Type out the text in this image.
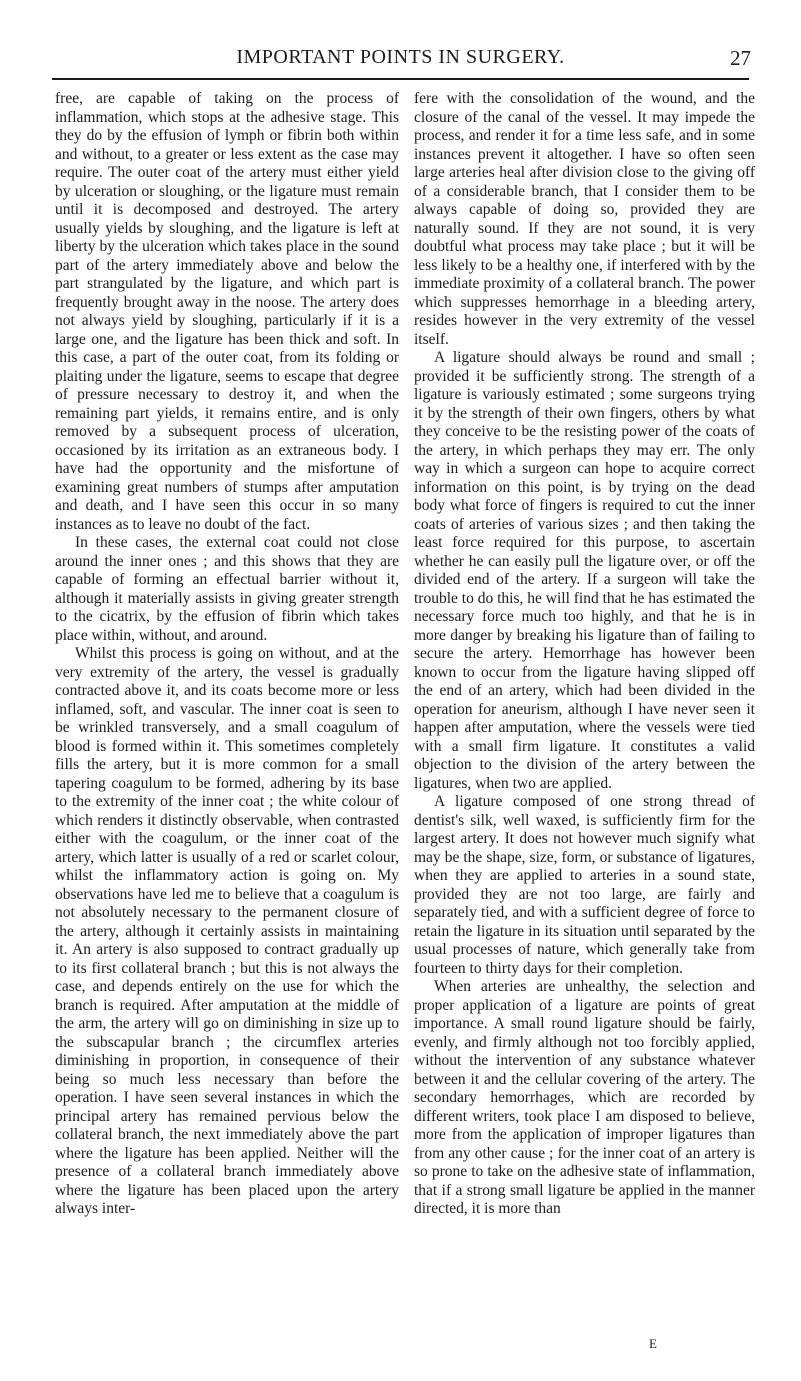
IMPORTANT POINTS IN SURGERY.	27

free, are capable of taking on the process of inflammation, which stops at the adhesive stage. This they do by the effusion of lymph or fibrin both within and without, to a greater or less extent as the case may require. The outer coat of the artery must either yield by ulceration or sloughing, or the ligature must remain until it is decomposed and destroyed. The artery usually yields by sloughing, and the ligature is left at liberty by the ulceration which takes place in the sound part of the artery immediately above and below the part strangulated by the ligature, and which part is frequently brought away in the noose. The artery does not always yield by sloughing, particularly if it is a large one, and the ligature has been thick and soft. In this case, a part of the outer coat, from its folding or plaiting under the ligature, seems to escape that degree of pressure necessary to destroy it, and when the remaining part yields, it remains entire, and is only removed by a subsequent process of ulceration, occasioned by its irritation as an extraneous body. I have had the opportunity and the misfortune of examining great numbers of stumps after amputation and death, and I have seen this occur in so many instances as to leave no doubt of the fact.

In these cases, the external coat could not close around the inner ones ; and this shows that they are capable of forming an effectual barrier without it, although it materially assists in giving greater strength to the cicatrix, by the effusion of fibrin which takes place within, without, and around.

Whilst this process is going on without, and at the very extremity of the artery, the vessel is gradually contracted above it, and its coats become more or less inflamed, soft, and vascular. The inner coat is seen to be wrinkled transversely, and a small coagulum of blood is formed within it. This sometimes completely fills the artery, but it is more common for a small tapering coagulum to be formed, adhering by its base to the extremity of the inner coat ; the white colour of which renders it distinctly observable, when contrasted either with the coagulum, or the inner coat of the artery, which latter is usually of a red or scarlet colour, whilst the inflammatory action is going on. My observations have led me to believe that a coagulum is not absolutely necessary to the permanent closure of the artery, although it certainly assists in maintaining it. An artery is also supposed to contract gradually up to its first collateral branch ; but this is not always the case, and depends entirely on the use for which the branch is required. After amputation at the middle of the arm, the artery will go on diminishing in size up to the subscapular branch ; the circumflex arteries diminishing in proportion, in consequence of their being so much less necessary than before the operation. I have seen several instances in which the principal artery has remained pervious below the collateral branch, the next immediately above the part where the ligature has been applied. Neither will the presence of a collateral branch immediately above where the ligature has been placed upon the artery always inter-

fere with the consolidation of the wound, and the closure of the canal of the vessel. It may impede the process, and render it for a time less safe, and in some instances prevent it altogether. I have so often seen large arteries heal after division close to the giving off of a considerable branch, that I consider them to be always capable of doing so, provided they are naturally sound. If they are not sound, it is very doubtful what process may take place ; but it will be less likely to be a healthy one, if interfered with by the immediate proximity of a collateral branch. The power which suppresses hemorrhage in a bleeding artery, resides however in the very extremity of the vessel itself.

A ligature should always be round and small ; provided it be sufficiently strong. The strength of a ligature is variously estimated ; some surgeons trying it by the strength of their own fingers, others by what they conceive to be the resisting power of the coats of the artery, in which perhaps they may err. The only way in which a surgeon can hope to acquire correct information on this point, is by trying on the dead body what force of fingers is required to cut the inner coats of arteries of various sizes ; and then taking the least force required for this purpose, to ascertain whether he can easily pull the ligature over, or off the divided end of the artery. If a surgeon will take the trouble to do this, he will find that he has estimated the necessary force much too highly, and that he is in more danger by breaking his ligature than of failing to secure the artery. Hemorrhage has however been known to occur from the ligature having slipped off the end of an artery, which had been divided in the operation for aneurism, although I have never seen it happen after amputation, where the vessels were tied with a small firm ligature. It constitutes a valid objection to the division of the artery between the ligatures, when two are applied.

A ligature composed of one strong thread of dentist's silk, well waxed, is sufficiently firm for the largest artery. It does not however much signify what may be the shape, size, form, or substance of ligatures, when they are applied to arteries in a sound state, provided they are not too large, are fairly and separately tied, and with a sufficient degree of force to retain the ligature in its situation until separated by the usual processes of nature, which generally take from fourteen to thirty days for their completion.

When arteries are unhealthy, the selection and proper application of a ligature are points of great importance. A small round ligature should be fairly, evenly, and firmly although not too forcibly applied, without the intervention of any substance whatever between it and the cellular covering of the artery. The secondary hemorrhages, which are recorded by different writers, took place I am disposed to believe, more from the application of improper ligatures than from any other cause ; for the inner coat of an artery is so prone to take on the adhesive state of inflammation, that if a strong small ligature be applied in the manner directed, it is more than

E
